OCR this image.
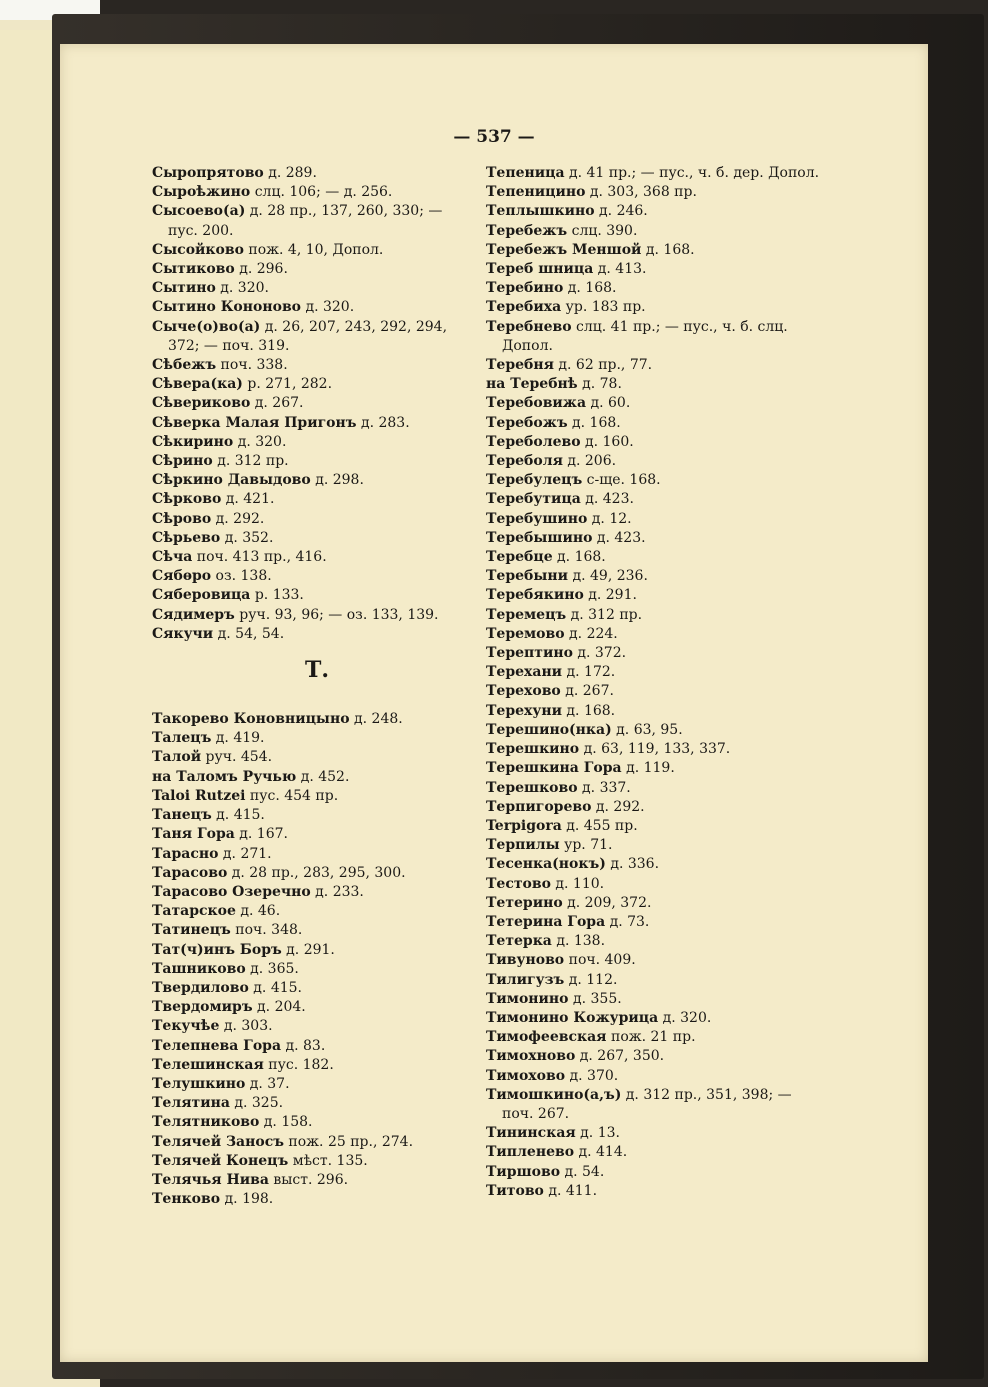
— 537 —
Сыропрятово д. 289.
Сыроѣжино слц. 106; — д. 256.
Сысоево(а) д. 28 пр., 137, 260, 330; —
пус. 200.
Сысойково пож. 4, 10, Допол.
Сытиково д. 296.
Сытино д. 320.
Сытино Кононово д. 320.
Сыче(о)во(а) д. 26, 207, 243, 292, 294,
372; — поч. 319.
Сѣбежъ поч. 338.
Сѣвера(ка) р. 271, 282.
Сѣвериково д. 267.
Сѣверка Малая Пригонъ д. 283.
Сѣкирино д. 320.
Сѣрино д. 312 пр.
Сѣркино Давыдово д. 298.
Сѣрково д. 421.
Сѣрово д. 292.
Сѣрьево д. 352.
Сѣча поч. 413 пр., 416.
Сябѳро оз. 138.
Сяберовица р. 133.
Сядимеръ руч. 93, 96; — оз. 133, 139.
Сякучи д. 54, 54.
Т.
Такорево Коновницыно д. 248.
Талецъ д. 419.
Талой руч. 454.
на Таломъ Ручью д. 452.
Taloi Rutzei пус. 454 пр.
Танецъ д. 415.
Таня Гора д. 167.
Тарасно д. 271.
Тарасово д. 28 пр., 283, 295, 300.
Тарасово Озеречно д. 233.
Татарское д. 46.
Татинецъ поч. 348.
Тат(ч)инъ Боръ д. 291.
Ташниково д. 365.
Твердилово д. 415.
Твердомиръ д. 204.
Текучѣе д. 303.
Телепнева Гора д. 83.
Телешинская пус. 182.
Телушкино д. 37.
Телятина д. 325.
Телятниково д. 158.
Телячей Заносъ пож. 25 пр., 274.
Телячей Конецъ мѣст. 135.
Телячья Нива выст. 296.
Тенково д. 198.
Тепеницa д. 41 пр.; — пус., ч. б. дер. Допол.
Тепеницино д. 303, 368 пр.
Теплышкино д. 246.
Теребежъ слц. 390.
Теребежъ Меншой д. 168.
Тереб шница д. 413.
Теребино д. 168.
Теребиха ур. 183 пр.
Теребнево слц. 41 пр.; — пус., ч. б. слц.
Допол.
Теребня д. 62 пр., 77.
на Теребнѣ д. 78.
Теребовижа д. 60.
Теребожъ д. 168.
Тереболево д. 160.
Тереболя д. 206.
Теребулецъ с-ще. 168.
Теребутица д. 423.
Теребушино д. 12.
Теребышино д. 423.
Теребце д. 168.
Теребыни д. 49, 236.
Теребякино д. 291.
Теремецъ д. 312 пр.
Теремово д. 224.
Терептино д. 372.
Терехани д. 172.
Терехово д. 267.
Терехуни д. 168.
Терешино(нка) д. 63, 95.
Терешкино д. 63, 119, 133, 337.
Терешкина Гора д. 119.
Терешково д. 337.
Терпигорево д. 292.
Terpigora д. 455 пр.
Терпилы ур. 71.
Тесенка(нокъ) д. 336.
Тестово д. 110.
Тетерино д. 209, 372.
Тетерина Гора д. 73.
Тетерка д. 138.
Тивуново поч. 409.
Тилигузъ д. 112.
Тимонино д. 355.
Тимонино Кожурица д. 320.
Тимофеевская пож. 21 пр.
Тимохново д. 267, 350.
Тимохово д. 370.
Тимошкино(а,ъ) д. 312 пр., 351, 398; —
поч. 267.
Тининская д. 13.
Типленево д. 414.
Тиршово д. 54.
Титово д. 411.
